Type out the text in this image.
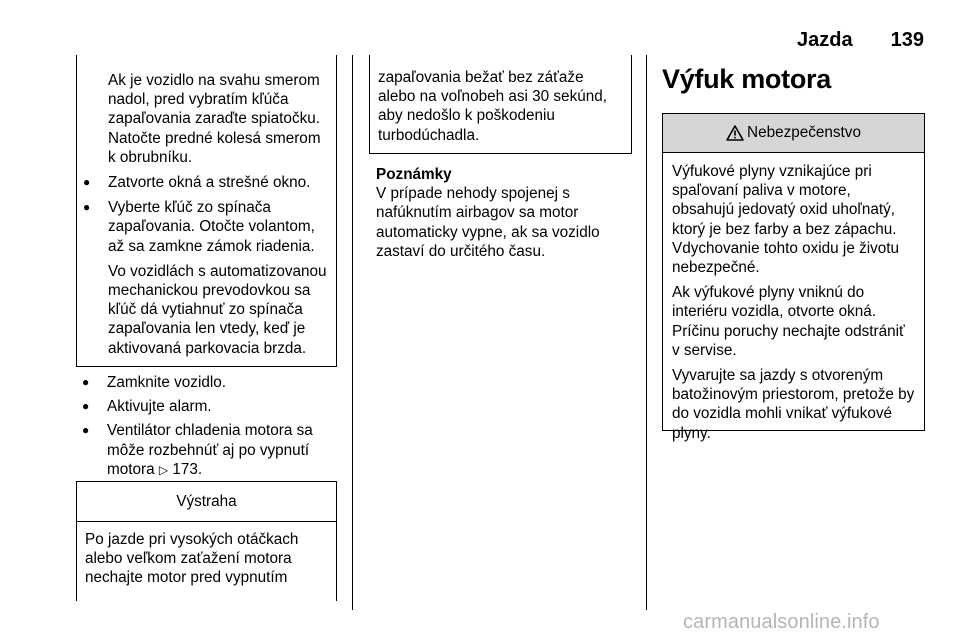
Jazda 139

Ak je vozidlo na svahu smerom nadol, pred vybratím kľúča zapaľovania zaraďte spiatočku. Natočte predné kolesá smerom k obrubníku.

● Zatvorte okná a strešné okno.
● Vyberte kľúč zo spínača zapaľovania. Otočte volantom, až sa zamkne zámok riadenia.
Vo vozidlách s automatizovanou mechanickou prevodovkou sa kľúč dá vytiahnuť zo spínača zapaľovania len vtedy, keď je aktivovaná parkovacia brzda.
● Zamknite vozidlo.
● Aktivujte alarm.
● Ventilátor chladenia motora sa môže rozbehnúť aj po vypnutí motora ▷ 173.
Výstraha
Po jazde pri vysokých otáčkach alebo veľkom zaťažení motora nechajte motor pred vypnutím
zapaľovania bežať bez záťaže alebo na voľnobeh asi 30 sekúnd, aby nedošlo k poškodeniu turbodúchadla.
Poznámky
V prípade nehody spojenej s nafúknutím airbagov sa motor automaticky vypne, ak sa vozidlo zastaví do určitého času.
Výfuk motora
Nebezpečenstvo

Výfukové plyny vznikajúce pri spaľovaní paliva v motore, obsahujú jedovatý oxid uhoľnatý, ktorý je bez farby a bez zápachu. Vdychovanie tohto oxidu je životu nebezpečné.

Ak výfukové plyny vniknú do interiéru vozidla, otvorte okná. Príčinu poruchy nechajte odstrániť v servise.

Vyvarujte sa jazdy s otvoreným batožinovým priestorom, pretože by do vozidla mohli vnikať výfukové plyny.

carmanualsonline.info
